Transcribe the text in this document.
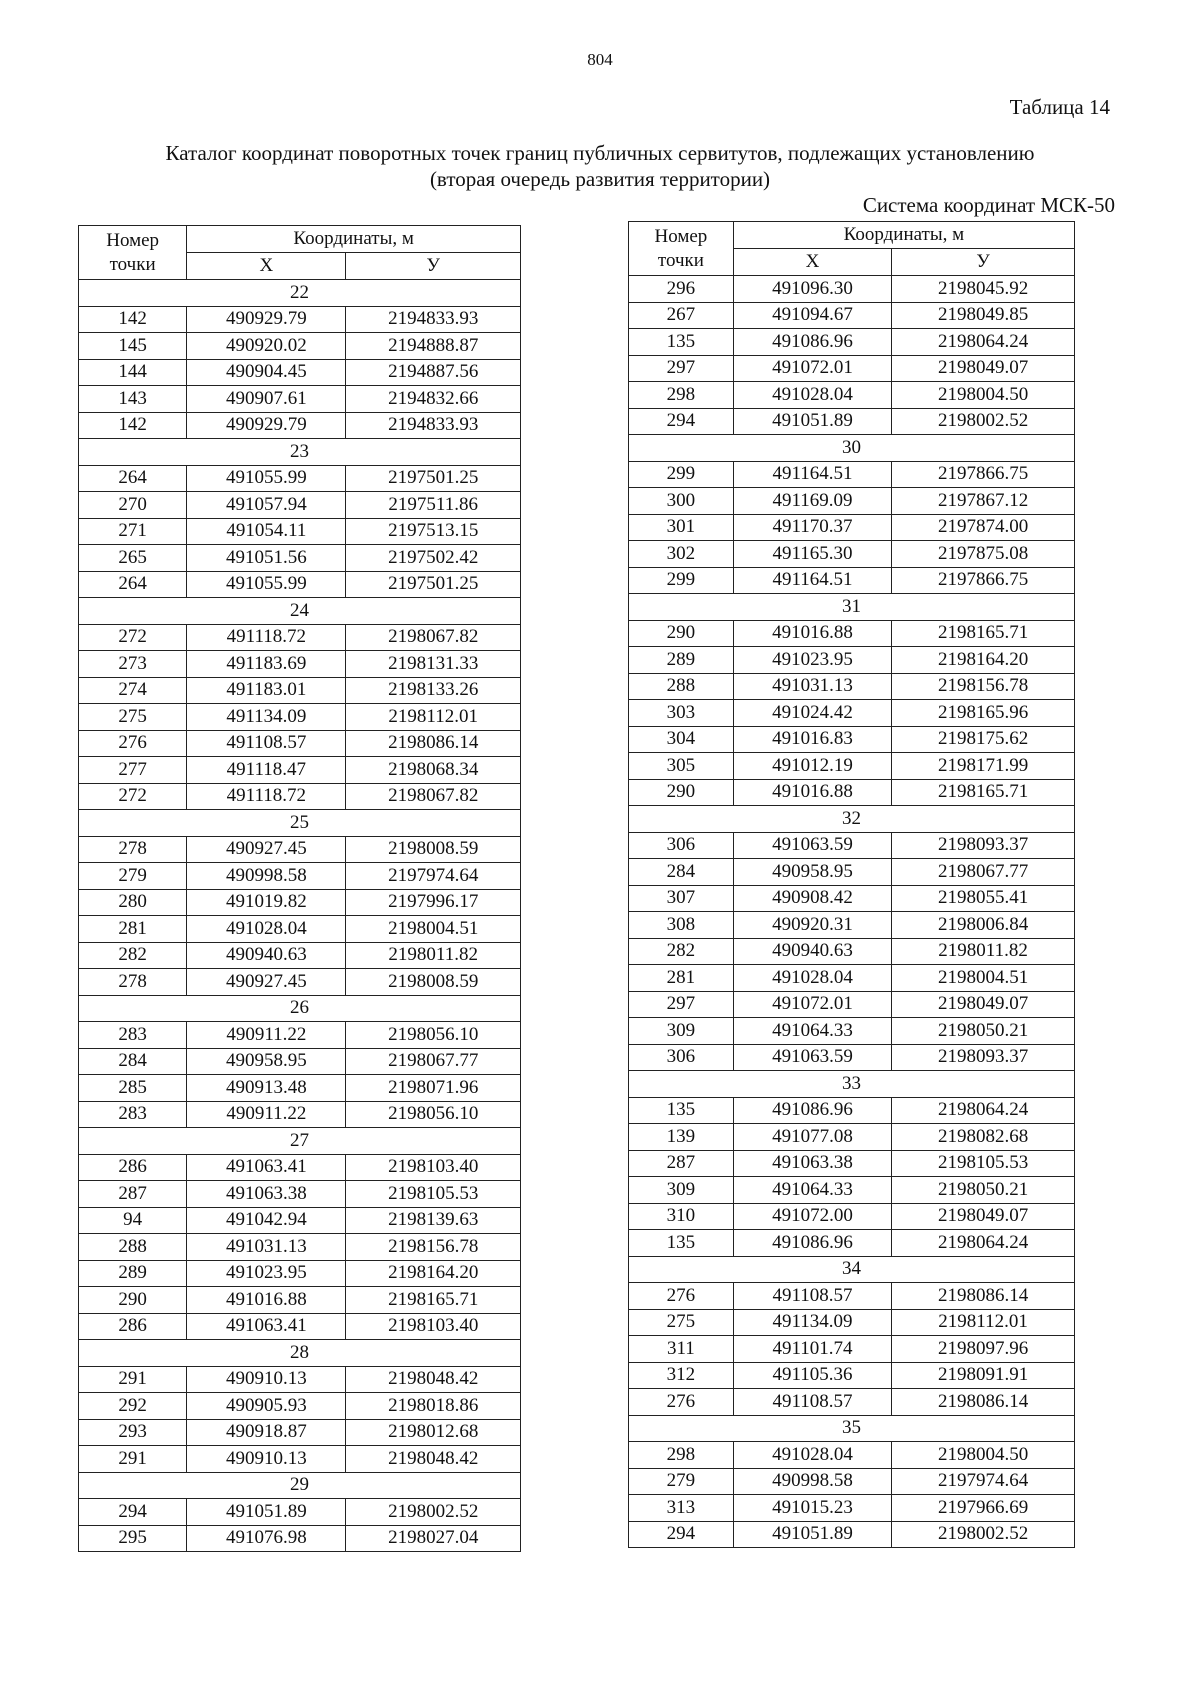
804
Таблица 14
Каталог координат поворотных точек границ публичных сервитутов, подлежащих установлению
(вторая очередь развития территории)
Система координат МСК-50
Номер
точки	Координаты, м	
	X	У
22		
142	490929.79	2194833.93
145	490920.02	2194888.87
144	490904.45	2194887.56
143	490907.61	2194832.66
142	490929.79	2194833.93
23		
264	491055.99	2197501.25
270	491057.94	2197511.86
271	491054.11	2197513.15
265	491051.56	2197502.42
264	491055.99	2197501.25
24		
272	491118.72	2198067.82
273	491183.69	2198131.33
274	491183.01	2198133.26
275	491134.09	2198112.01
276	491108.57	2198086.14
277	491118.47	2198068.34
272	491118.72	2198067.82
25		
278	490927.45	2198008.59
279	490998.58	2197974.64
280	491019.82	2197996.17
281	491028.04	2198004.51
282	490940.63	2198011.82
278	490927.45	2198008.59
26		
283	490911.22	2198056.10
284	490958.95	2198067.77
285	490913.48	2198071.96
283	490911.22	2198056.10
27		
286	491063.41	2198103.40
287	491063.38	2198105.53
94	491042.94	2198139.63
288	491031.13	2198156.78
289	491023.95	2198164.20
290	491016.88	2198165.71
286	491063.41	2198103.40
28		
291	490910.13	2198048.42
292	490905.93	2198018.86
293	490918.87	2198012.68
291	490910.13	2198048.42
29		
294	491051.89	2198002.52
295	491076.98	2198027.04
Номер
точки	Координаты, м	
	X	У
296	491096.30	2198045.92
267	491094.67	2198049.85
135	491086.96	2198064.24
297	491072.01	2198049.07
298	491028.04	2198004.50
294	491051.89	2198002.52
30		
299	491164.51	2197866.75
300	491169.09	2197867.12
301	491170.37	2197874.00
302	491165.30	2197875.08
299	491164.51	2197866.75
31		
290	491016.88	2198165.71
289	491023.95	2198164.20
288	491031.13	2198156.78
303	491024.42	2198165.96
304	491016.83	2198175.62
305	491012.19	2198171.99
290	491016.88	2198165.71
32		
306	491063.59	2198093.37
284	490958.95	2198067.77
307	490908.42	2198055.41
308	490920.31	2198006.84
282	490940.63	2198011.82
281	491028.04	2198004.51
297	491072.01	2198049.07
309	491064.33	2198050.21
306	491063.59	2198093.37
33		
135	491086.96	2198064.24
139	491077.08	2198082.68
287	491063.38	2198105.53
309	491064.33	2198050.21
310	491072.00	2198049.07
135	491086.96	2198064.24
34		
276	491108.57	2198086.14
275	491134.09	2198112.01
311	491101.74	2198097.96
312	491105.36	2198091.91
276	491108.57	2198086.14
35		
298	491028.04	2198004.50
279	490998.58	2197974.64
313	491015.23	2197966.69
294	491051.89	2198002.52
